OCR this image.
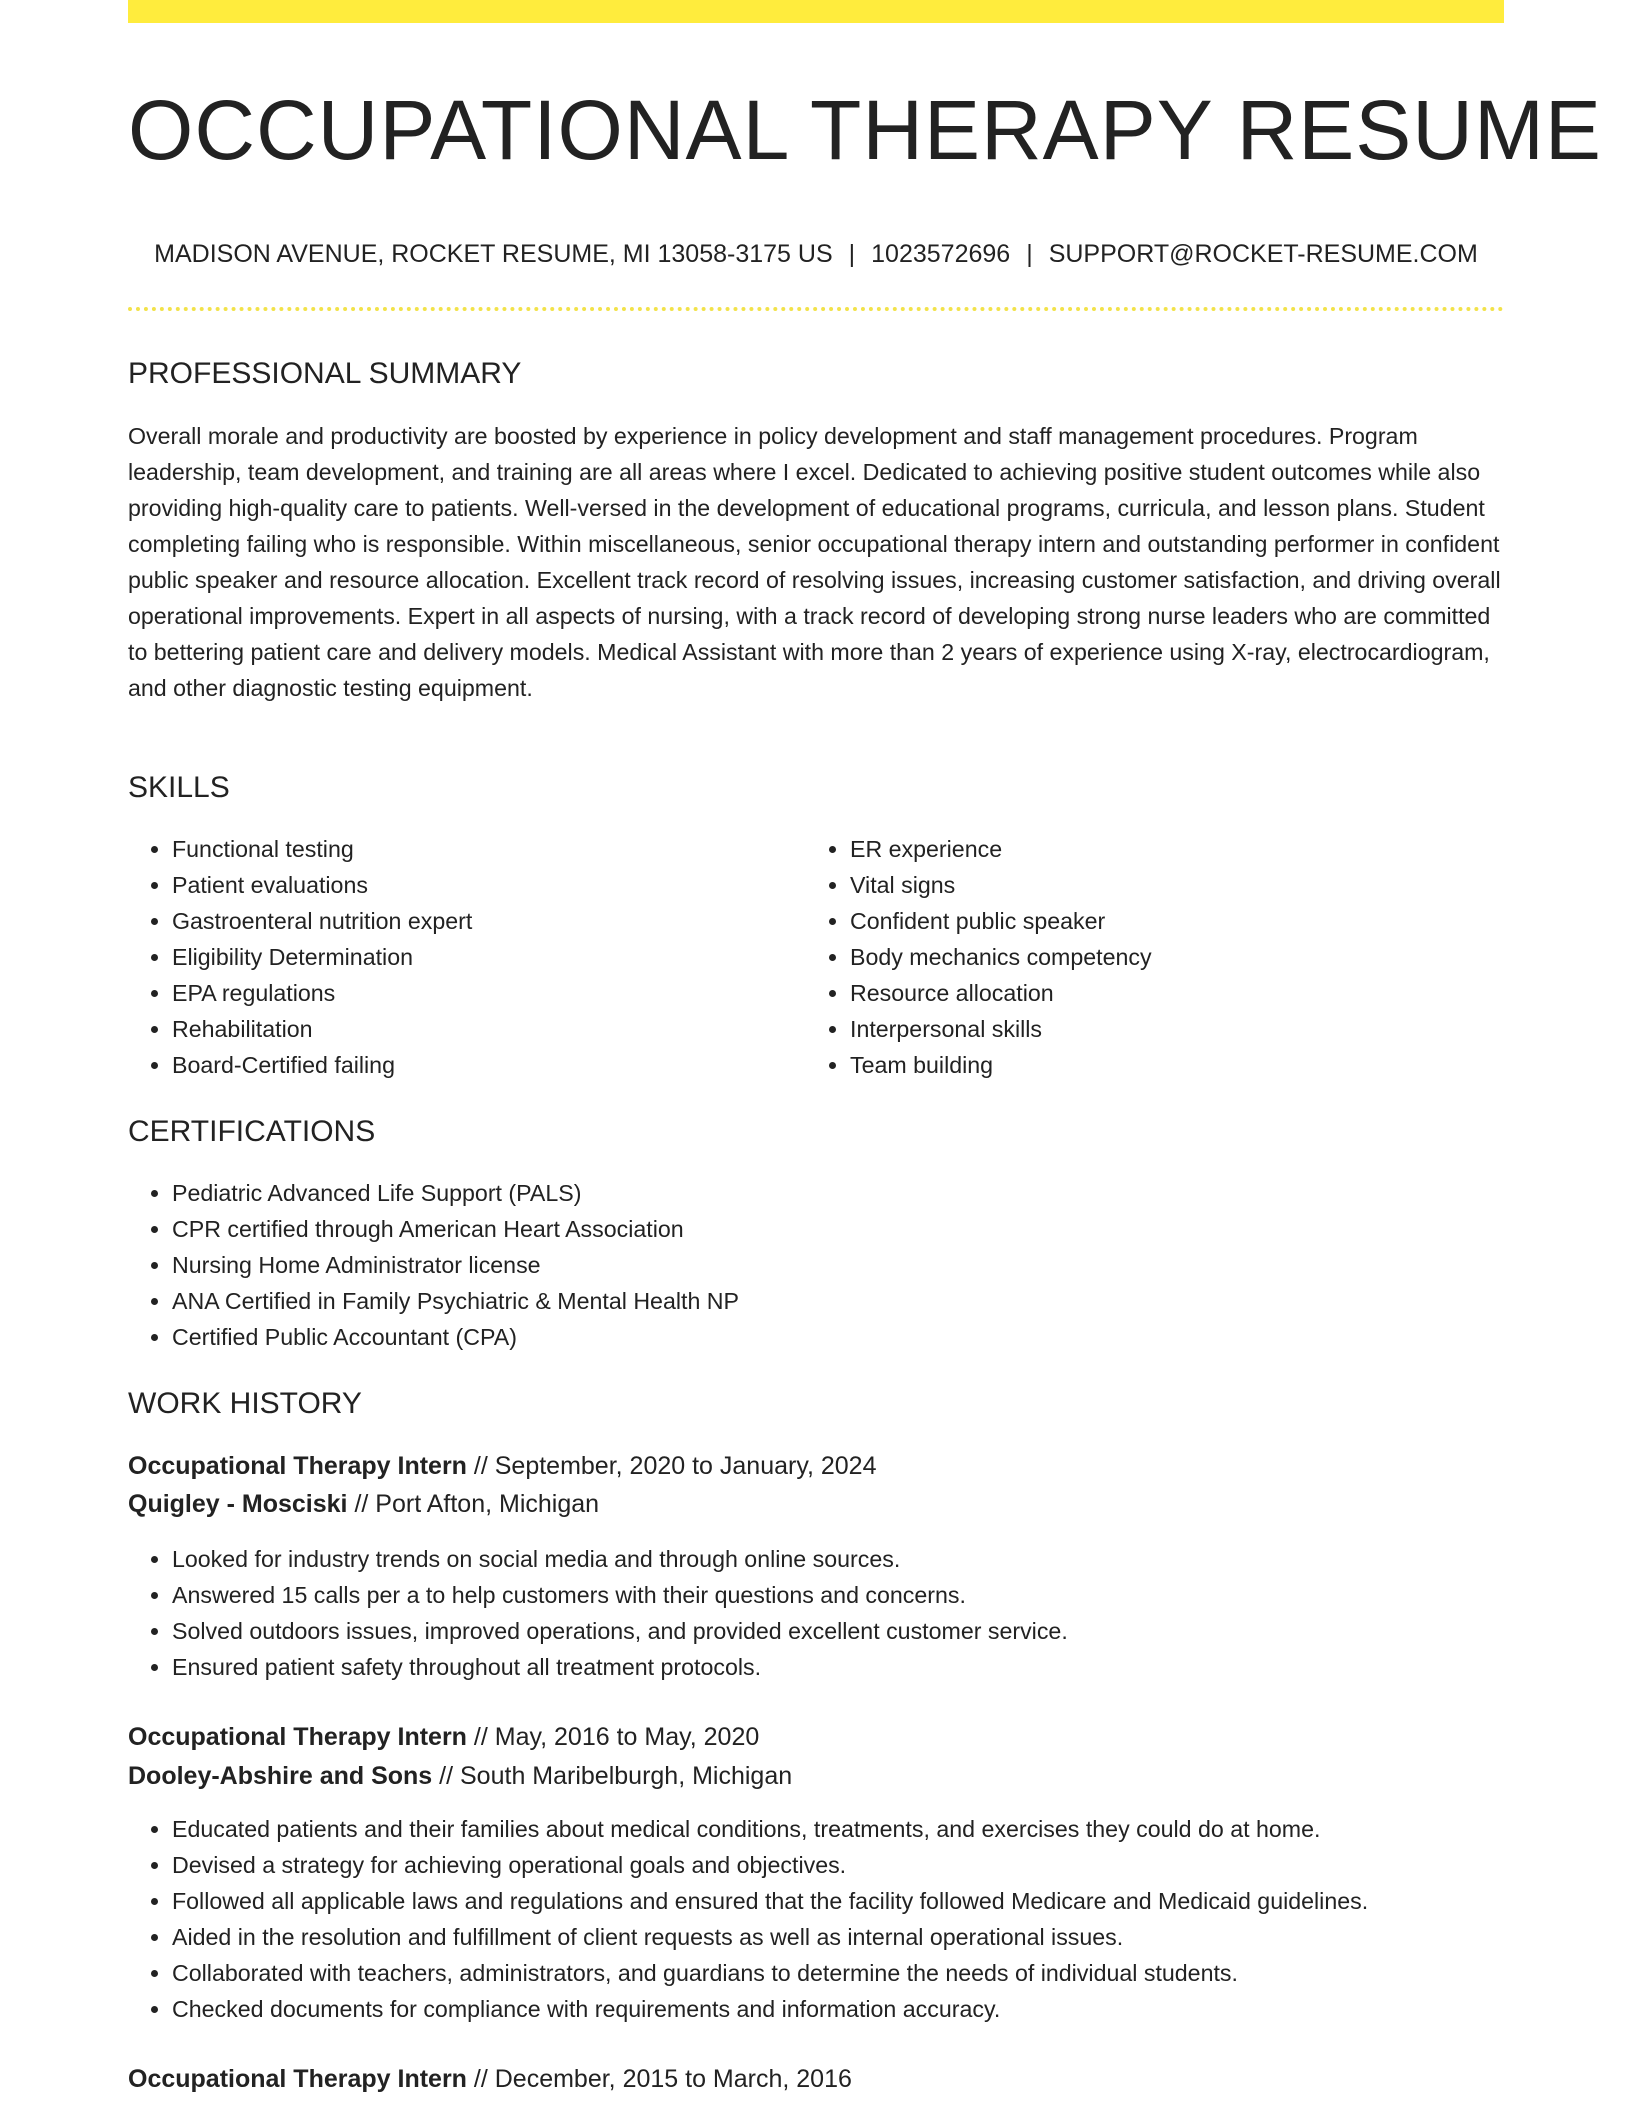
OCCUPATIONAL THERAPY RESUME
MADISON AVENUE, ROCKET RESUME, MI 13058-3175 US | 1023572696 | SUPPORT@ROCKET-RESUME.COM
PROFESSIONAL SUMMARY

Overall morale and productivity are boosted by experience in policy development and staff management procedures. Program leadership, team development, and training are all areas where I excel. Dedicated to achieving positive student outcomes while also providing high-quality care to patients. Well-versed in the development of educational programs, curricula, and lesson plans. Student completing failing who is responsible. Within miscellaneous, senior occupational therapy intern and outstanding performer in confident public speaker and resource allocation. Excellent track record of resolving issues, increasing customer satisfaction, and driving overall operational improvements. Expert in all aspects of nursing, with a track record of developing strong nurse leaders who are committed to bettering patient care and delivery models. Medical Assistant with more than 2 years of experience using X-ray, electrocardiogram, and other diagnostic testing equipment.

SKILLS
• Functional testing
• Patient evaluations
• Gastroenteral nutrition expert
• Eligibility Determination
• EPA regulations
• Rehabilitation
• Board-Certified failing
• ER experience
• Vital signs
• Confident public speaker
• Body mechanics competency
• Resource allocation
• Interpersonal skills
• Team building
CERTIFICATIONS
• Pediatric Advanced Life Support (PALS)
• CPR certified through American Heart Association
• Nursing Home Administrator license
• ANA Certified in Family Psychiatric & Mental Health NP
• Certified Public Accountant (CPA)
WORK HISTORY
Occupational Therapy Intern // September, 2020 to January, 2024
Quigley - Mosciski // Port Afton, Michigan
• Looked for industry trends on social media and through online sources.
• Answered 15 calls per a to help customers with their questions and concerns.
• Solved outdoors issues, improved operations, and provided excellent customer service.
• Ensured patient safety throughout all treatment protocols.
Occupational Therapy Intern // May, 2016 to May, 2020
Dooley-Abshire and Sons // South Maribelburgh, Michigan
• Educated patients and their families about medical conditions, treatments, and exercises they could do at home.
• Devised a strategy for achieving operational goals and objectives.
• Followed all applicable laws and regulations and ensured that the facility followed Medicare and Medicaid guidelines.
• Aided in the resolution and fulfillment of client requests as well as internal operational issues.
• Collaborated with teachers, administrators, and guardians to determine the needs of individual students.
• Checked documents for compliance with requirements and information accuracy.
Occupational Therapy Intern // December, 2015 to March, 2016
